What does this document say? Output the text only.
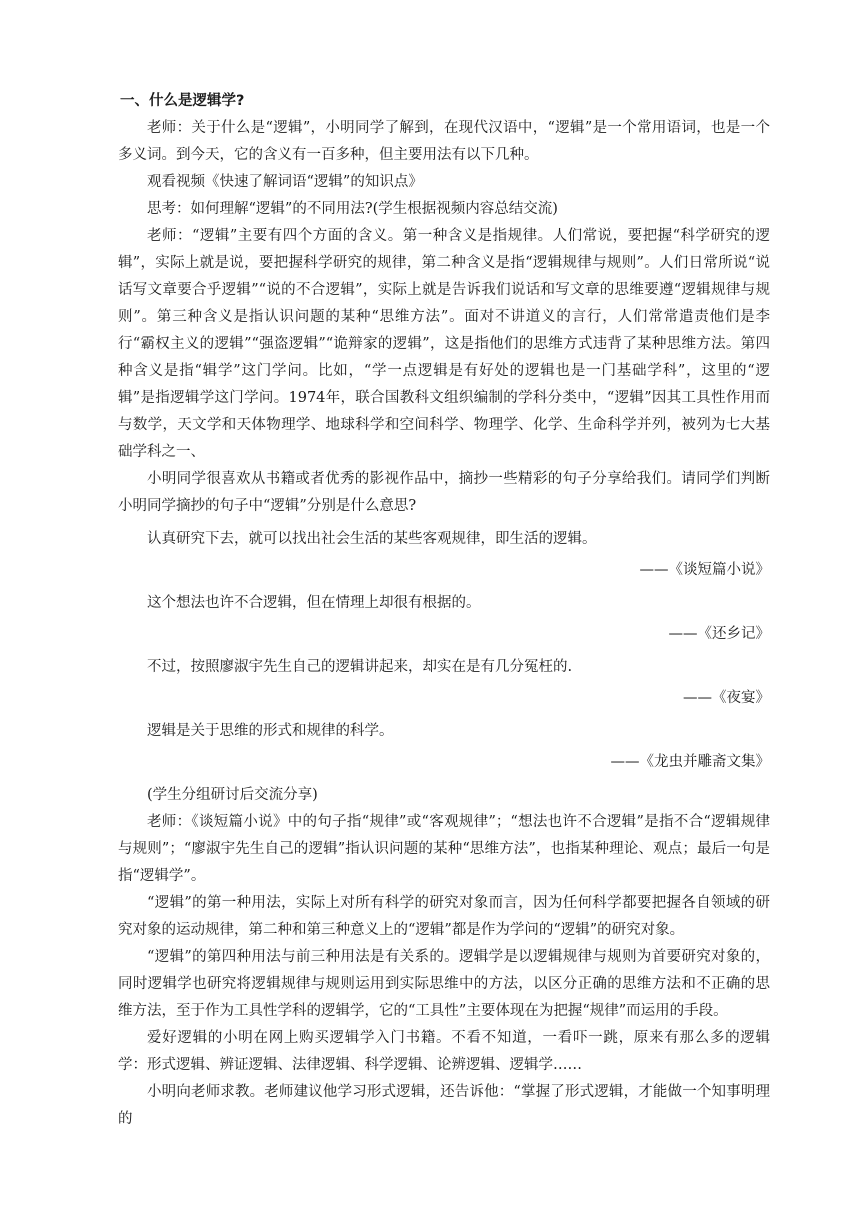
一、什么是逻辑学?

老师：关于什么是“逻辑”，小明同学了解到，在现代汉语中，“逻辑”是一个常用语词，也是一个多义词。到今天，它的含义有一百多种，但主要用法有以下几种。

观看视频《快速了解词语“逻辑”的知识点》

思考：如何理解“逻辑”的不同用法?(学生根据视频内容总结交流)

老师：“逻辑”主要有四个方面的含义。第一种含义是指规律。人们常说，要把握“科学研究的逻辑”，实际上就是说，要把握科学研究的规律，第二种含义是指“逻辑规律与规则”。人们日常所说“说话写文章要合乎逻辑”“说的不合逻辑”，实际上就是告诉我们说话和写文章的思维要遵“逻辑规律与规则”。第三种含义是指认识问题的某种“思维方法”。面对不讲道义的言行，人们常常遣责他们是李行“霸权主义的逻辑”“强盗逻辑”“诡辩家的逻辑”，这是指他们的思维方式违背了某种思维方法。第四种含义是指“辑学”这门学问。比如，“学一点逻辑是有好处的逻辑也是一门基础学科”，这里的“逻辑”是指逻辑学这门学问。1974年，联合国教科文组织编制的学科分类中，“逻辑”因其工具性作用而与数学，天文学和天体物理学、地球科学和空间科学、物理学、化学、生命科学并列，被列为七大基础学科之一、

小明同学很喜欢从书籍或者优秀的影视作品中，摘抄一些精彩的句子分享给我们。请同学们判断小明同学摘抄的句子中“逻辑”分别是什么意思?

认真研究下去，就可以找出社会生活的某些客观规律，即生活的逻辑。

——《谈短篇小说》

这个想法也许不合逻辑，但在情理上却很有根据的。

——《还乡记》

不过，按照廖淑宇先生自己的逻辑讲起来，却实在是有几分冤枉的.

——《夜宴》

逻辑是关于思维的形式和规律的科学。

——《龙虫并雕斋文集》

(学生分组研讨后交流分享)

老师：《谈短篇小说》中的句子指“规律”或“客观规律”；“想法也许不合逻辑”是指不合“逻辑规律与规则”；“廖淑宇先生自己的逻辑”指认识问题的某种“思维方法”，也指某种理论、观点；最后一句是指“逻辑学”。

“逻辑”的第一种用法，实际上对所有科学的研究对象而言，因为任何科学都要把握各自领域的研究对象的运动规律，第二种和第三种意义上的“逻辑”都是作为学问的“逻辑”的研究对象。

“逻辑”的第四种用法与前三种用法是有关系的。逻辑学是以逻辑规律与规则为首要研究对象的，同时逻辑学也研究将逻辑规律与规则运用到实际思维中的方法，以区分正确的思维方法和不正确的思维方法，至于作为工具性学科的逻辑学，它的“工具性”主要体现在为把握“规律”而运用的手段。

爱好逻辑的小明在网上购买逻辑学入门书籍。不看不知道，一看吓一跳，原来有那么多的逻辑学：形式逻辑、辨证逻辑、法律逻辑、科学逻辑、论辨逻辑、逻辑学……

小明向老师求教。老师建议他学习形式逻辑，还告诉他：“掌握了形式逻辑，才能做一个知事明理的
